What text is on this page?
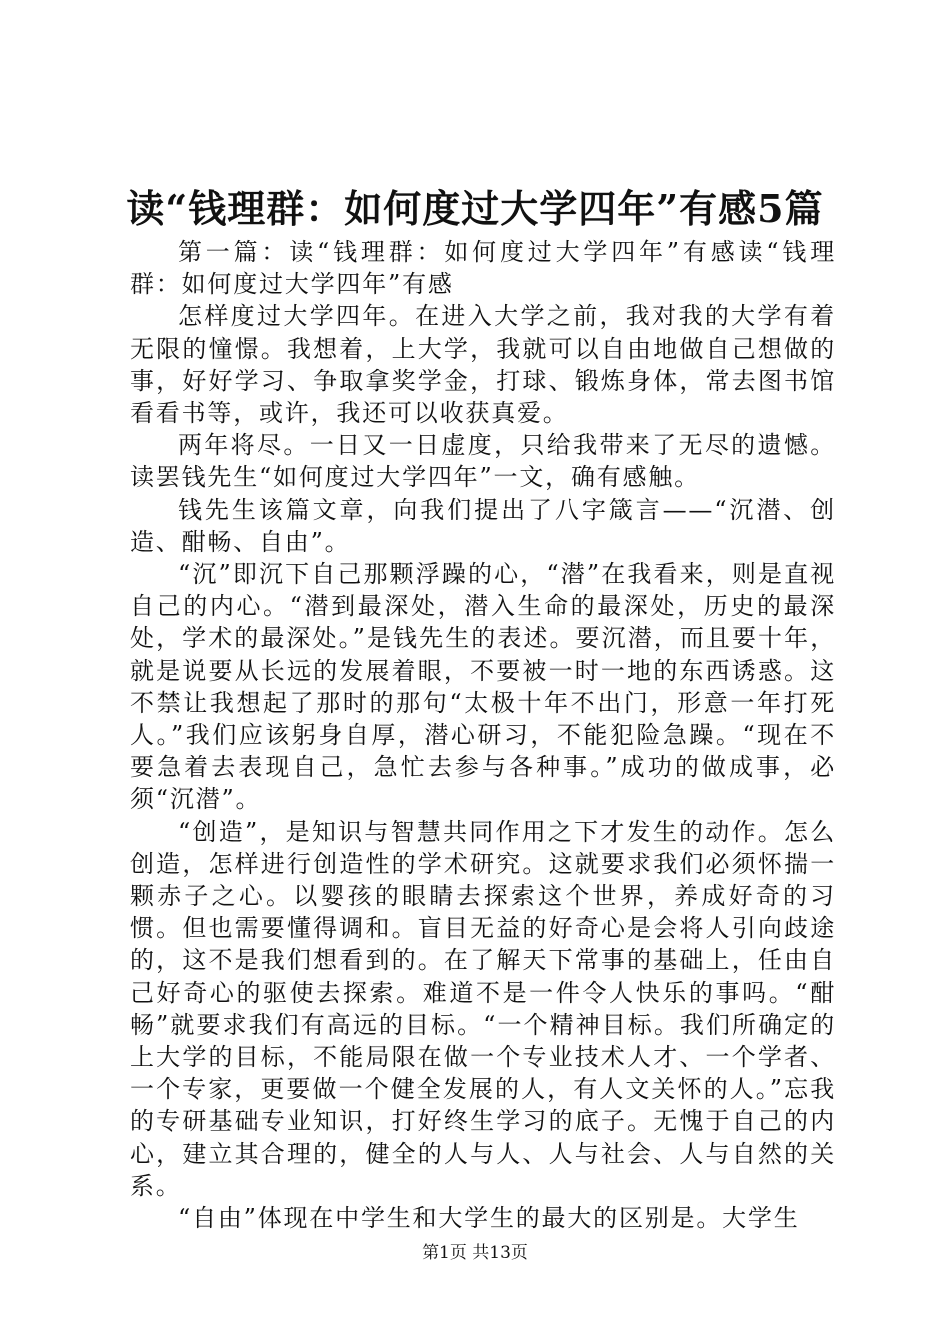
读“钱理群：如何度过大学四年”有感5篇

第一篇：读“钱理群：如何度过大学四年”有感读“钱理群：如何度过大学四年”有感

怎样度过大学四年。在进入大学之前，我对我的大学有着无限的憧憬。我想着，上大学，我就可以自由地做自己想做的事，好好学习、争取拿奖学金，打球、锻炼身体，常去图书馆看看书等，或许，我还可以收获真爱。

两年将尽。一日又一日虚度，只给我带来了无尽的遗憾。读罢钱先生“如何度过大学四年”一文，确有感触。

钱先生该篇文章，向我们提出了八字箴言——“沉潜、创造、酣畅、自由”。

“沉”即沉下自己那颗浮躁的心，“潜”在我看来，则是直视自己的内心。“潜到最深处，潜入生命的最深处，历史的最深处，学术的最深处。”是钱先生的表述。要沉潜，而且要十年，就是说要从长远的发展着眼，不要被一时一地的东西诱惑。这不禁让我想起了那时的那句“太极十年不出门，形意一年打死人。”我们应该躬身自厚，潜心研习，不能犯险急躁。“现在不要急着去表现自己，急忙去参与各种事。”成功的做成事，必须“沉潜”。

“创造”，是知识与智慧共同作用之下才发生的动作。怎么创造，怎样进行创造性的学术研究。这就要求我们必须怀揣一颗赤子之心。以婴孩的眼睛去探索这个世界，养成好奇的习惯。但也需要懂得调和。盲目无益的好奇心是会将人引向歧途的，这不是我们想看到的。在了解天下常事的基础上，任由自己好奇心的驱使去探索。难道不是一件令人快乐的事吗。“酣畅”就要求我们有高远的目标。“一个精神目标。我们所确定的上大学的目标，不能局限在做一个专业技术人才、一个学者、一个专家，更要做一个健全发展的人，有人文关怀的人。”忘我的专研基础专业知识，打好终生学习的底子。无愧于自己的内心，建立其合理的，健全的人与人、人与社会、人与自然的关系。

“自由”体现在中学生和大学生的最大的区别是。大学生

第1页 共13页
